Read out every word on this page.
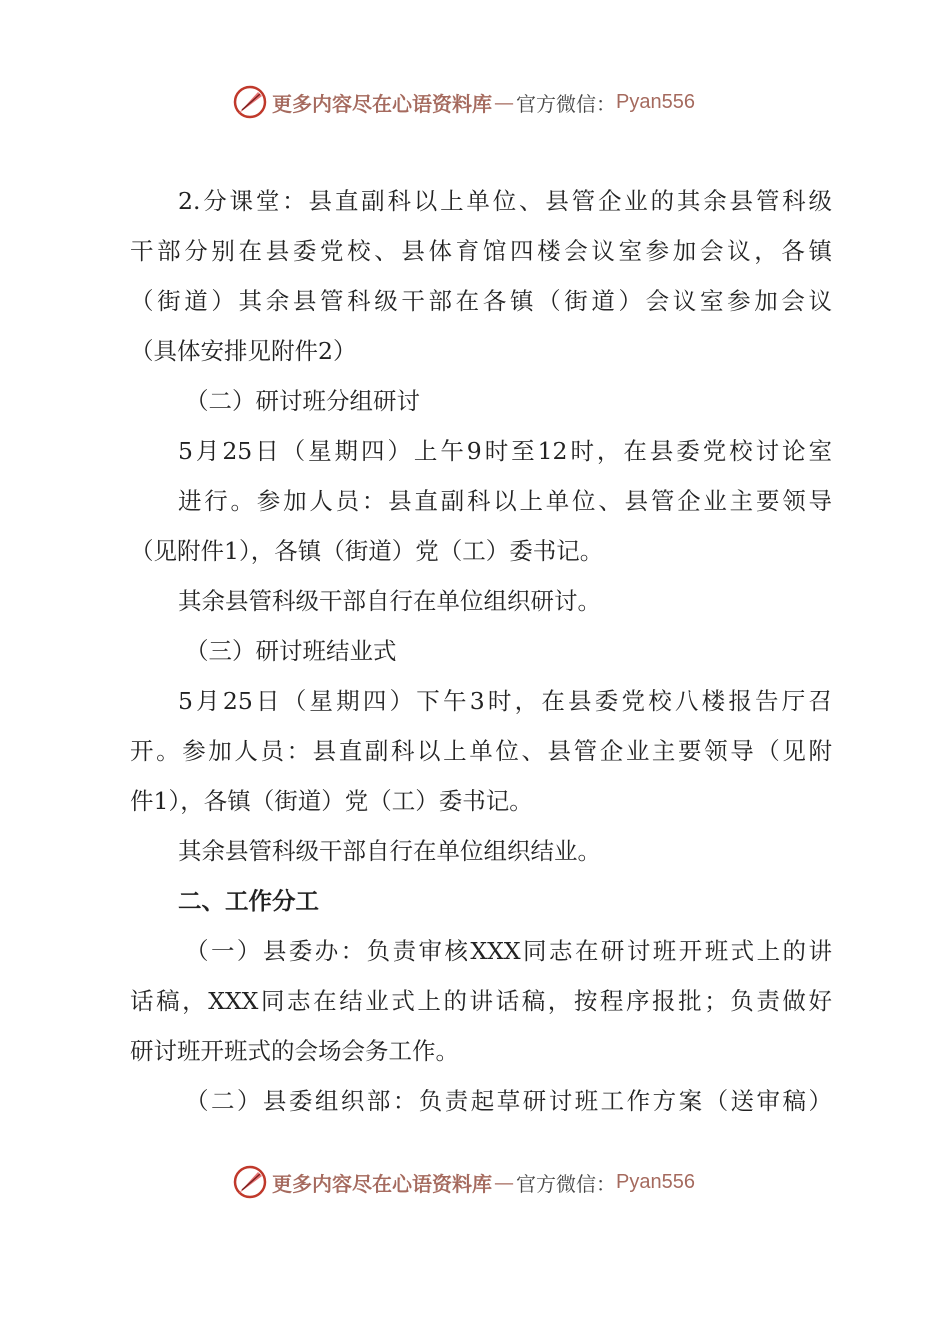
更多内容尽在心语资料库 — 官方微信： Pyan556
2.分课堂：县直副科以上单位、县管企业的其余县管科级
干部分别在县委党校、县体育馆四楼会议室参加会议，各镇
（街道）其余县管科级干部在各镇（街道）会议室参加会议
（具体安排见附件2）
（二）研讨班分组研讨
5月25日（星期四）上午9时至12时，在县委党校讨论室
进行。参加人员：县直副科以上单位、县管企业主要领导
（见附件1），各镇（街道）党（工）委书记。
其余县管科级干部自行在单位组织研讨。
（三）研讨班结业式
5月25日（星期四）下午3时，在县委党校八楼报告厅召
开。参加人员：县直副科以上单位、县管企业主要领导（见附
件1），各镇（街道）党（工）委书记。
其余县管科级干部自行在单位组织结业。
二、工作分工
（一）县委办：负责审核XXX同志在研讨班开班式上的讲
话稿，XXX同志在结业式上的讲话稿，按程序报批；负责做好
研讨班开班式的会场会务工作。
（二）县委组织部：负责起草研讨班工作方案（送审稿）
更多内容尽在心语资料库 — 官方微信： Pyan556
